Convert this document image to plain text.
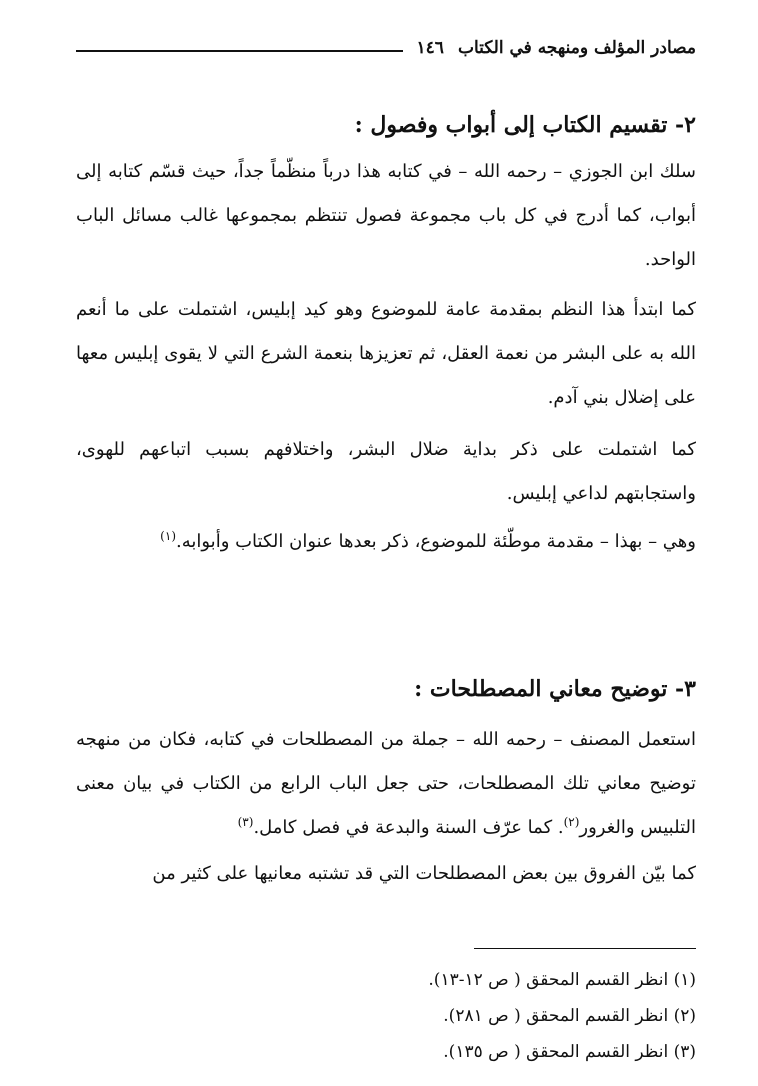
مصادر المؤلف ومنهجه في الكتاب
١٤٦
٢- تقسيم الكتاب إلى أبواب وفصول :

سلك ابن الجوزي – رحمه الله – في كتابه هذا درباً منظّماً جداً، حيث قسّم كتابه إلى أبواب، كما أدرج في كل باب مجموعة فصول تنتظم بمجموعها غالب مسائل الباب الواحد.

كما ابتدأ هذا النظم بمقدمة عامة للموضوع وهو كيد إبليس، اشتملت على ما أنعم الله به على البشر من نعمة العقل، ثم تعزيزها بنعمة الشرع التي لا يقوى إبليس معها على إضلال بني آدم.

كما اشتملت على ذكر بداية ضلال البشر، واختلافهم بسبب اتباعهم للهوى، واستجابتهم لداعي إبليس.

وهي – بهذا – مقدمة موطّئة للموضوع، ذكر بعدها عنوان الكتاب وأبوابه.$^{(١)}$

٣- توضيح معاني المصطلحات :

استعمل المصنف – رحمه الله – جملة من المصطلحات في كتابه، فكان من منهجه توضيح معاني تلك المصطلحات، حتى جعل الباب الرابع من الكتاب في بيان معنى التلبيس والغرور$^{(٢)}$. كما عرّف السنة والبدعة في فصل كامل.$^{(٣)}$

كما بيّن الفروق بين بعض المصطلحات التي قد تشتبه معانيها على كثير من

(١) انظر القسم المحقق ( ص ١٢-١٣).
(٢) انظر القسم المحقق ( ص ٢٨١).
(٣) انظر القسم المحقق ( ص ١٣٥).
